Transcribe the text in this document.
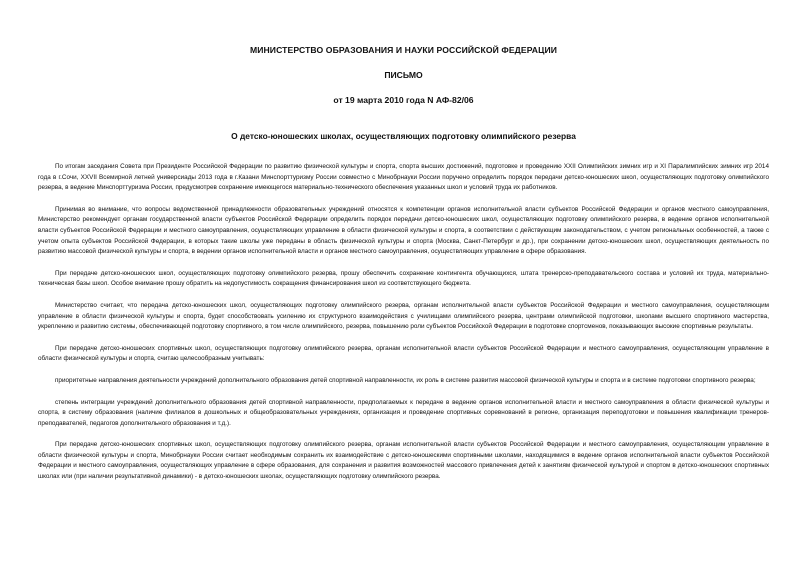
МИНИСТЕРСТВО ОБРАЗОВАНИЯ И НАУКИ РОССИЙСКОЙ ФЕДЕРАЦИИ
ПИСЬМО
от 19 марта 2010 года N АФ-82/06
О детско-юношеских школах, осуществляющих подготовку олимпийского резерва

По итогам заседания Совета при Президенте Российской Федерации по развитию физической культуры и спорта, спорта высших достижений, подготовке и проведению XXII Олимпийских зимних игр и XI Паралимпийских зимних игр 2014 года в г.Сочи, XXVII Всемирной летней универсиады 2013 года в г.Казани Минспорттуризму России совместно с Минобрнауки России поручено определить порядок передачи детско-юношеских школ, осуществляющих подготовку олимпийского резерва, в ведение Минспорттуризма России, предусмотрев сохранение имеющегося материально-технического обеспечения указанных школ и условий труда их работников.

Принимая во внимание, что вопросы ведомственной принадлежности образовательных учреждений относятся к компетенции органов исполнительной власти субъектов Российской Федерации и органов местного самоуправления, Министерство рекомендует органам государственной власти субъектов Российской Федерации определить порядок передачи детско-юношеских школ, осуществляющих подготовку олимпийского резерва, в ведение органов исполнительной власти субъектов Российской Федерации и местного самоуправления, осуществляющих управление в области физической культуры и спорта, в соответствии с действующим законодательством, с учетом региональных особенностей, а также с учетом опыта субъектов Российской Федерации, в которых такие школы уже переданы в область физической культуры и спорта (Москва, Санкт-Петербург и др.), при сохранении детско-юношеских школ, осуществляющих деятельность по развитию массовой физической культуры и спорта, в ведении органов исполнительной власти и органов местного самоуправления, осуществляющих управление в сфере образования.

При передаче детско-юношеских школ, осуществляющих подготовку олимпийского резерва, прошу обеспечить сохранение контингента обучающихся, штата тренерско-преподавательского состава и условий их труда, материально-техническая базы школ. Особое внимание прошу обратить на недопустимость сокращения финансирования школ из соответствующего бюджета.

Министерство считает, что передача детско-юношеских школ, осуществляющих подготовку олимпийского резерва, органам исполнительной власти субъектов Российской Федерации и местного самоуправления, осуществляющим управление в области физической культуры и спорта, будет способствовать усилению их структурного взаимодействия с училищами олимпийского резерва, центрами олимпийской подготовки, школами высшего спортивного мастерства, укреплению и развитию системы, обеспечивающей подготовку спортивного, в том числе олимпийского, резерва, повышению роли субъектов Российской Федерации в подготовке спортсменов, показывающих высокие спортивные результаты.

При передаче детско-юношеских спортивных школ, осуществляющих подготовку олимпийского резерва, органам исполнительной власти субъектов Российской Федерации и местного самоуправления, осуществляющим управление в области физической культуры и спорта, считаю целесообразным учитывать:

приоритетные направления деятельности учреждений дополнительного образования детей спортивной направленности, их роль в системе развития массовой физической культуры и спорта и в системе подготовки спортивного резерва;

степень интеграции учреждений дополнительного образования детей спортивной направленности, предполагаемых к передаче в ведение органов исполнительной власти и местного самоуправления в области физической культуры и спорта, в систему образования (наличие филиалов в дошкольных и общеобразовательных учреждениях, организация и проведение спортивных соревнований в регионе, организация переподготовки и повышения квалификации тренеров-преподавателей, педагогов дополнительного образования и т.д.).

При передаче детско-юношеских спортивных школ, осуществляющих подготовку олимпийского резерва, органам исполнительной власти субъектов Российской Федерации и местного самоуправления, осуществляющим управление в области физической культуры и спорта, Минобрнауки России считает необходимым сохранить их взаимодействие с детско-юношескими спортивными школами, находящимися в ведение органов исполнительной власти субъектов Российской Федерации и местного самоуправления, осуществляющих управление в сфере образования, для сохранения и развития возможностей массового привлечения детей к занятиям физической культурой и спортом в детско-юношеских спортивных школах или (при наличии результативной динамики) - в детско-юношеских школах, осуществляющих подготовку олимпийского резерва.
